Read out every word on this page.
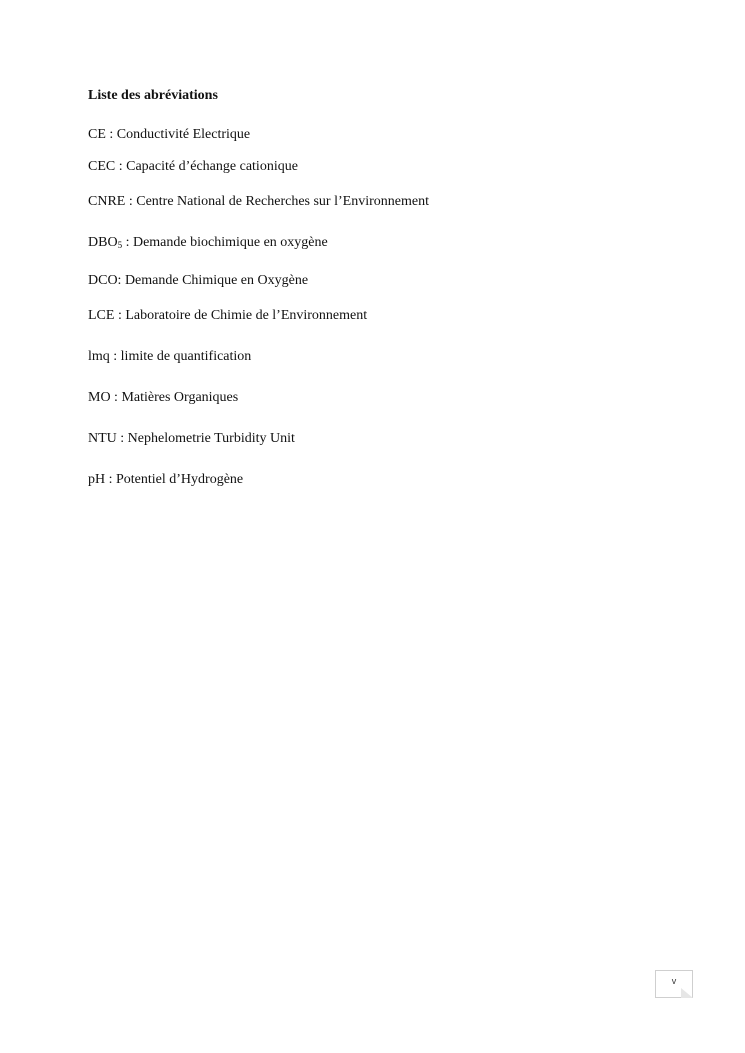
Liste des abréviations
CE : Conductivité Electrique
CEC : Capacité d’échange cationique
CNRE : Centre National de Recherches sur l’Environnement
$DBO_5$ : Demande biochimique en oxygène
DCO: Demande Chimique en Oxygène
LCE : Laboratoire de Chimie de l’Environnement
lmq : limite de quantification
MO : Matières Organiques
NTU : Nephelometrie Turbidity Unit
pH : Potentiel d’Hydrogène
v
